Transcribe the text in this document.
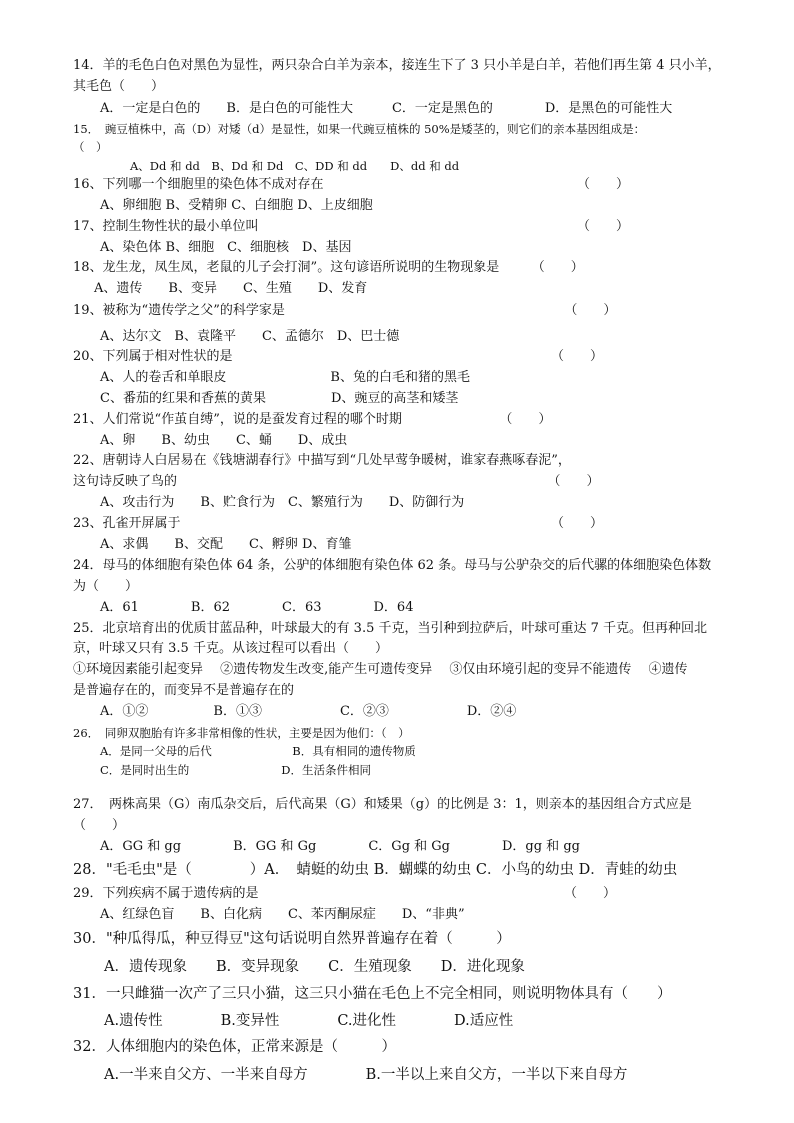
14．羊的毛色白色对黑色为显性，两只杂合白羊为亲本，接连生下了 3 只小羊是白羊，若他们再生第 4 只小羊，
其毛色（　　）
A．一定是白色的　　B．是白色的可能性大　　　C．一定是黑色的　　　　D．是黑色的可能性大
15．　豌豆植株中，高（D）对矮（d）是显性，如果一代豌豆植株的 50%是矮茎的，则它们的亲本基因组成是：
（　）
A、Dd 和 dd　B、Dd 和 Dd　C、DD 和 dd　　D、dd 和 dd
16、下列哪一个细胞里的染色体不成对存在　　　　　　　　　　　　　　　　　　　　（　　）
A、卵细胞 B、受精卵 C、白细胞 D、上皮细胞
17、控制生物性状的最小单位叫　　　　　　　　　　　　　　　　　　　　　　　　　（　　）
A、染色体 B、细胞　C、细胞核　D、基因
18、龙生龙，凤生凤，老鼠的儿子会打洞”。这句谚语所说明的生物现象是　　　（　　）
A、遗传　　B、变异　　C、生殖　　D、发育
19、被称为“遗传学之父”的科学家是　　　　　　　　　　　　　　　　　　　　　　（　　）
A、达尔文　B、袁隆平　　C、孟德尔　D、巴士德
20、下列属于相对性状的是　　　　　　　　　　　　　　　　　　　　　　　　　（　　）
A、人的卷舌和单眼皮　　　　　　　　B、兔的白毛和猪的黑毛
C、番茄的红果和香蕉的黄果　　　　　D、豌豆的高茎和矮茎
21、人们常说“作茧自缚”，说的是蚕发育过程的哪个时期　　　　　　　　（　　）
A、卵　　B、幼虫　　C、蛹　　D、成虫
22、唐朝诗人白居易在《钱塘湖春行》中描写到“几处早莺争暖树，谁家春燕啄春泥”，
这句诗反映了鸟的　　　　　　　　　　　　　　　　　　　　　　　　　　　　　（　　）
A、攻击行为　　B、贮食行为　C、繁殖行为　　D、防御行为
23、孔雀开屏属于　　　　　　　　　　　　　　　　　　　　　　　　　　　　　（　　）
A、求偶　　B、交配　　C、孵卵 D、育雏
24．母马的体细胞有染色体 64 条，公驴的体细胞有染色体 62 条。母马与公驴杂交的后代骡的体细胞染色体数
为（　　）
A．61　　　　B．62　　　　C．63　　　　D．64
25．北京培育出的优质甘蓝品种，叶球最大的有 3.5 千克，当引种到拉萨后，叶球可重达 7 千克。但再种回北
京，叶球又只有 3.5 千克。从该过程可以看出（　　）
①环境因素能引起变异　 ②遗传物发生改变,能产生可遗传变异　 ③仅由环境引起的变异不能遗传　 ④遗传
是普遍存在的，而变异不是普遍存在的
A．①②　　　　　B．①③　　　　　　C．②③　　　　　　D．②④
26．　同卵双胞胎有许多非常相像的性状，主要是因为他们：（　）
A．是同一父母的后代　　　　　　　B．具有相同的遗传物质
C．是同时出生的　　　　　　　　D．生活条件相同
27．　两株高果（G）南瓜杂交后，后代高果（G）和矮果（g）的比例是 3：1，则亲本的基因组合方式应是
（　　）
A．GG 和 gg　　　　B．GG 和 Gg　　　　C．Gg 和 Gg　　　　D．gg 和 gg
28．"毛毛虫"是（　　　　）A．　蜻蜓的幼虫 B．蝴蝶的幼虫 C．小鸟的幼虫 D．青蛙的幼虫
29．下列疾病不属于遗传病的是　　　　　　　　　　　　　　　　　　　　　　　　（　　）
A、红绿色盲　　B、白化病　　C、苯丙酮尿症　　D、“非典”
30．"种瓜得瓜，种豆得豆"这句话说明自然界普遍存在着（　　　）
A．遗传现象　　B．变异现象　　C．生殖现象　　D．进化现象
31．一只雌猫一次产了三只小猫，这三只小猫在毛色上不完全相同，则说明物体具有（　　）
A.遗传性　　　　B.变异性　　　　C.进化性　　　　D.适应性
32．人体细胞内的染色体，正常来源是（　　　）
A.一半来自父方、一半来自母方　　　　B.一半以上来自父方，一半以下来自母方
